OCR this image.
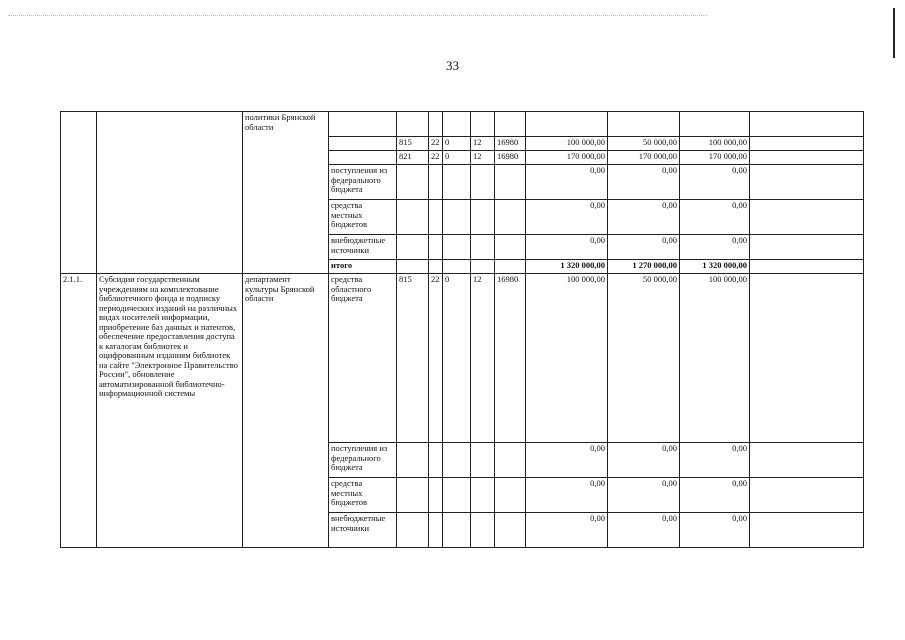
33
		политики Брянской области										
				815	22	0	12	16980	100 000,00	50 000,00	100 000,00	
				821	22	0	12	16980	170 000,00	170 000,00	170 000,00	
			поступления из федерального бюджета						0,00	0,00	0,00	
			средства местных бюджетов						0,00	0,00	0,00	
			внебюджетные источники						0,00	0,00	0,00	
			итого						1 320 000,00	1 270 000,00	1 320 000,00	
2.1.1.	Субсидии государственным учреждениям на комплектование библиотечного фонда и подписку периодических изданий на различных видах носителей информации, приобретение баз данных и патентов, обеспечение предоставления доступа к каталогам библиотек и оцифрованным изданиям библиотек на сайте "Электронное Правительство России", обновление автоматизированной библиотечно-информационной системы	департамент культуры Брянской области	средства областного бюджета	815	22	0	12	16980	100 000,00	50 000,00	100 000,00	
			поступления из федерального бюджета						0,00	0,00	0,00	
			средства местных бюджетов						0,00	0,00	0,00	
			внебюджетные источники						0,00	0,00	0,00	
